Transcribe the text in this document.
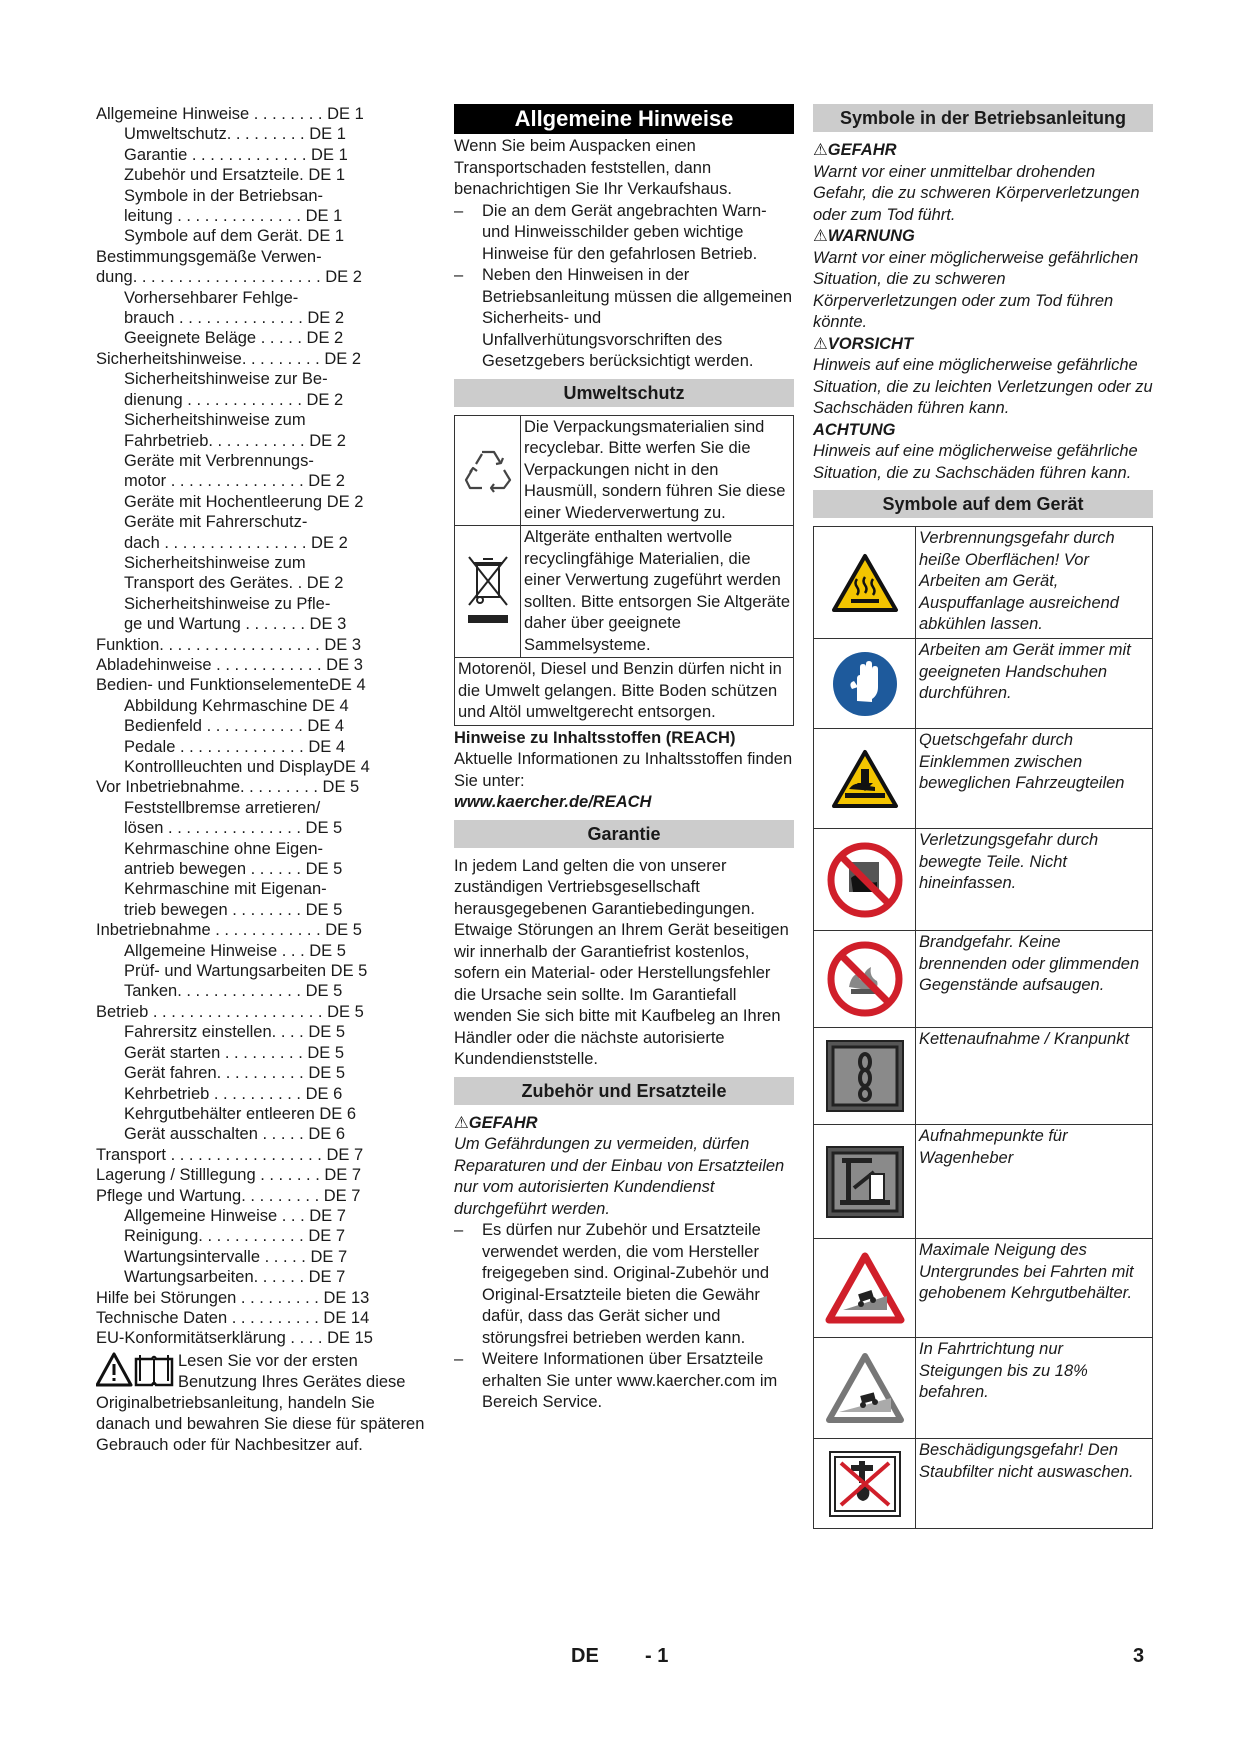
Allgemeine Hinweise . . . . . . . . DE 1
Umweltschutz. . . . . . . . . DE 1
Garantie . . . . . . . . . . . . . DE 1
Zubehör und Ersatzteile. DE 1
Symbole in der Betriebsan-
leitung . . . . . . . . . . . . . . DE 1
Symbole auf dem Gerät. DE 1
Bestimmungsgemäße Verwen-
dung. . . . . . . . . . . . . . . . . . . . . DE 2
Vorhersehbarer Fehlge-
brauch . . . . . . . . . . . . . . DE 2
Geeignete Beläge . . . . . DE 2
Sicherheitshinweise. . . . . . . . . DE 2
Sicherheitshinweise zur Be-
dienung . . . . . . . . . . . . . DE 2
Sicherheitshinweise zum
Fahrbetrieb. . . . . . . . . . . DE 2
Geräte mit Verbrennungs-
motor . . . . . . . . . . . . . . . DE 2
Geräte mit Hochentleerung DE 2
Geräte mit Fahrerschutz-
dach . . . . . . . . . . . . . . . . DE 2
Sicherheitshinweise zum
Transport des Gerätes. . DE 2
Sicherheitshinweise zu Pfle-
ge und Wartung . . . . . . . DE 3
Funktion. . . . . . . . . . . . . . . . . . DE 3
Abladehinweise . . . . . . . . . . . . DE 3
Bedien- und FunktionselementeDE 4
Abbildung Kehrmaschine DE 4
Bedienfeld . . . . . . . . . . . DE 4
Pedale . . . . . . . . . . . . . . DE 4
Kontrollleuchten und DisplayDE 4
Vor Inbetriebnahme. . . . . . . . . DE 5
Feststellbremse arretieren/
lösen . . . . . . . . . . . . . . . DE 5
Kehrmaschine ohne Eigen-
antrieb bewegen . . . . . . DE 5
Kehrmaschine mit Eigenan-
trieb bewegen . . . . . . . . DE 5
Inbetriebnahme . . . . . . . . . . . . DE 5
Allgemeine Hinweise . . . DE 5
Prüf- und Wartungsarbeiten DE 5
Tanken. . . . . . . . . . . . . . DE 5
Betrieb . . . . . . . . . . . . . . . . . . . DE 5
Fahrersitz einstellen. . . . DE 5
Gerät starten . . . . . . . . . DE 5
Gerät fahren. . . . . . . . . . DE 5
Kehrbetrieb . . . . . . . . . . DE 6
Kehrgutbehälter entleeren DE 6
Gerät ausschalten . . . . . DE 6
Transport . . . . . . . . . . . . . . . . . DE 7
Lagerung / Stilllegung . . . . . . . DE 7
Pflege und Wartung. . . . . . . . . DE 7
Allgemeine Hinweise . . . DE 7
Reinigung. . . . . . . . . . . . DE 7
Wartungsintervalle . . . . . DE 7
Wartungsarbeiten. . . . . . DE 7
Hilfe bei Störungen . . . . . . . . . DE 13
Technische Daten . . . . . . . . . . DE 14
EU-Konformitätserklärung . . . . DE 15
Lesen Sie vor der ersten Benutzung Ihres Gerätes diese Originalbetriebsanleitung, handeln Sie danach und bewahren Sie diese für späteren Gebrauch oder für Nachbesitzer auf.
Allgemeine Hinweise

Wenn Sie beim Auspacken einen Transportschaden feststellen, dann benachrichtigen Sie Ihr Verkaufshaus.

– Die an dem Gerät angebrachten Warn- und Hinweisschilder geben wichtige Hinweise für den gefahrlosen Betrieb.
– Neben den Hinweisen in der Betriebsanleitung müssen die allgemeinen Sicherheits- und Unfallverhütungsvorschriften des Gesetzgebers berücksichtigt werden.
Umweltschutz
Die Verpackungsmaterialien sind recyclebar. Bitte werfen Sie die Verpackungen nicht in den Hausmüll, sondern führen Sie diese einer Wiederverwertung zu.
Altgeräte enthalten wertvolle recyclingfähige Materialien, die einer Verwertung zugeführt werden sollten. Bitte entsorgen Sie Altgeräte daher über geeignete Sammelsysteme.
Motorenöl, Diesel und Benzin dürfen nicht in die Umwelt gelangen. Bitte Boden schützen und Altöl umweltgerecht entsorgen.
Hinweise zu Inhaltsstoffen (REACH)
Aktuelle Informationen zu Inhaltsstoffen finden Sie unter:
www.kaercher.de/REACH
Garantie

In jedem Land gelten die von unserer zuständigen Vertriebsgesellschaft herausgegebenen Garantiebedingungen. Etwaige Störungen an Ihrem Gerät beseitigen wir innerhalb der Garantiefrist kostenlos, sofern ein Material- oder Herstellungsfehler die Ursache sein sollte. Im Garantiefall wenden Sie sich bitte mit Kaufbeleg an Ihren Händler oder die nächste autorisierte Kundendienststelle.

Zubehör und Ersatzteile
⚠GEFAHR

Um Gefährdungen zu vermeiden, dürfen Reparaturen und der Einbau von Ersatzteilen nur vom autorisierten Kundendienst durchgeführt werden.

– Es dürfen nur Zubehör und Ersatzteile verwendet werden, die vom Hersteller freigegeben sind. Original-Zubehör und Original-Ersatzteile bieten die Gewähr dafür, dass das Gerät sicher und störungsfrei betrieben werden kann.
– Weitere Informationen über Ersatzteile erhalten Sie unter www.kaercher.com im Bereich Service.
Symbole in der Betriebsanleitung
⚠GEFAHR

Warnt vor einer unmittelbar drohenden Gefahr, die zu schweren Körperverletzungen oder zum Tod führt.

⚠WARNUNG

Warnt vor einer möglicherweise gefährlichen Situation, die zu schweren Körperverletzungen oder zum Tod führen könnte.

⚠VORSICHT

Hinweis auf eine möglicherweise gefährliche Situation, die zu leichten Verletzungen oder zu Sachschäden führen kann.

ACHTUNG

Hinweis auf eine möglicherweise gefährliche Situation, die zu Sachschäden führen kann.

Symbole auf dem Gerät
Verbrennungsgefahr durch heiße Oberflächen! Vor Arbeiten am Gerät, Auspuffanlage ausreichend abkühlen lassen.
Arbeiten am Gerät immer mit geeigneten Handschuhen durchführen.
Quetschgefahr durch Einklemmen zwischen beweglichen Fahrzeugteilen
Verletzungsgefahr durch bewegte Teile. Nicht hineinfassen.
Brandgefahr. Keine brennenden oder glimmenden Gegenstände aufsaugen.
Kettenaufnahme / Kranpunkt
Aufnahmepunkte für Wagenheber
Maximale Neigung des Untergrundes bei Fahrten mit gehobenem Kehrgutbehälter.
In Fahrtrichtung nur Steigungen bis zu 18% befahren.
Beschädigungsgefahr! Den Staubfilter nicht auswaschen.
DE - 1	3
